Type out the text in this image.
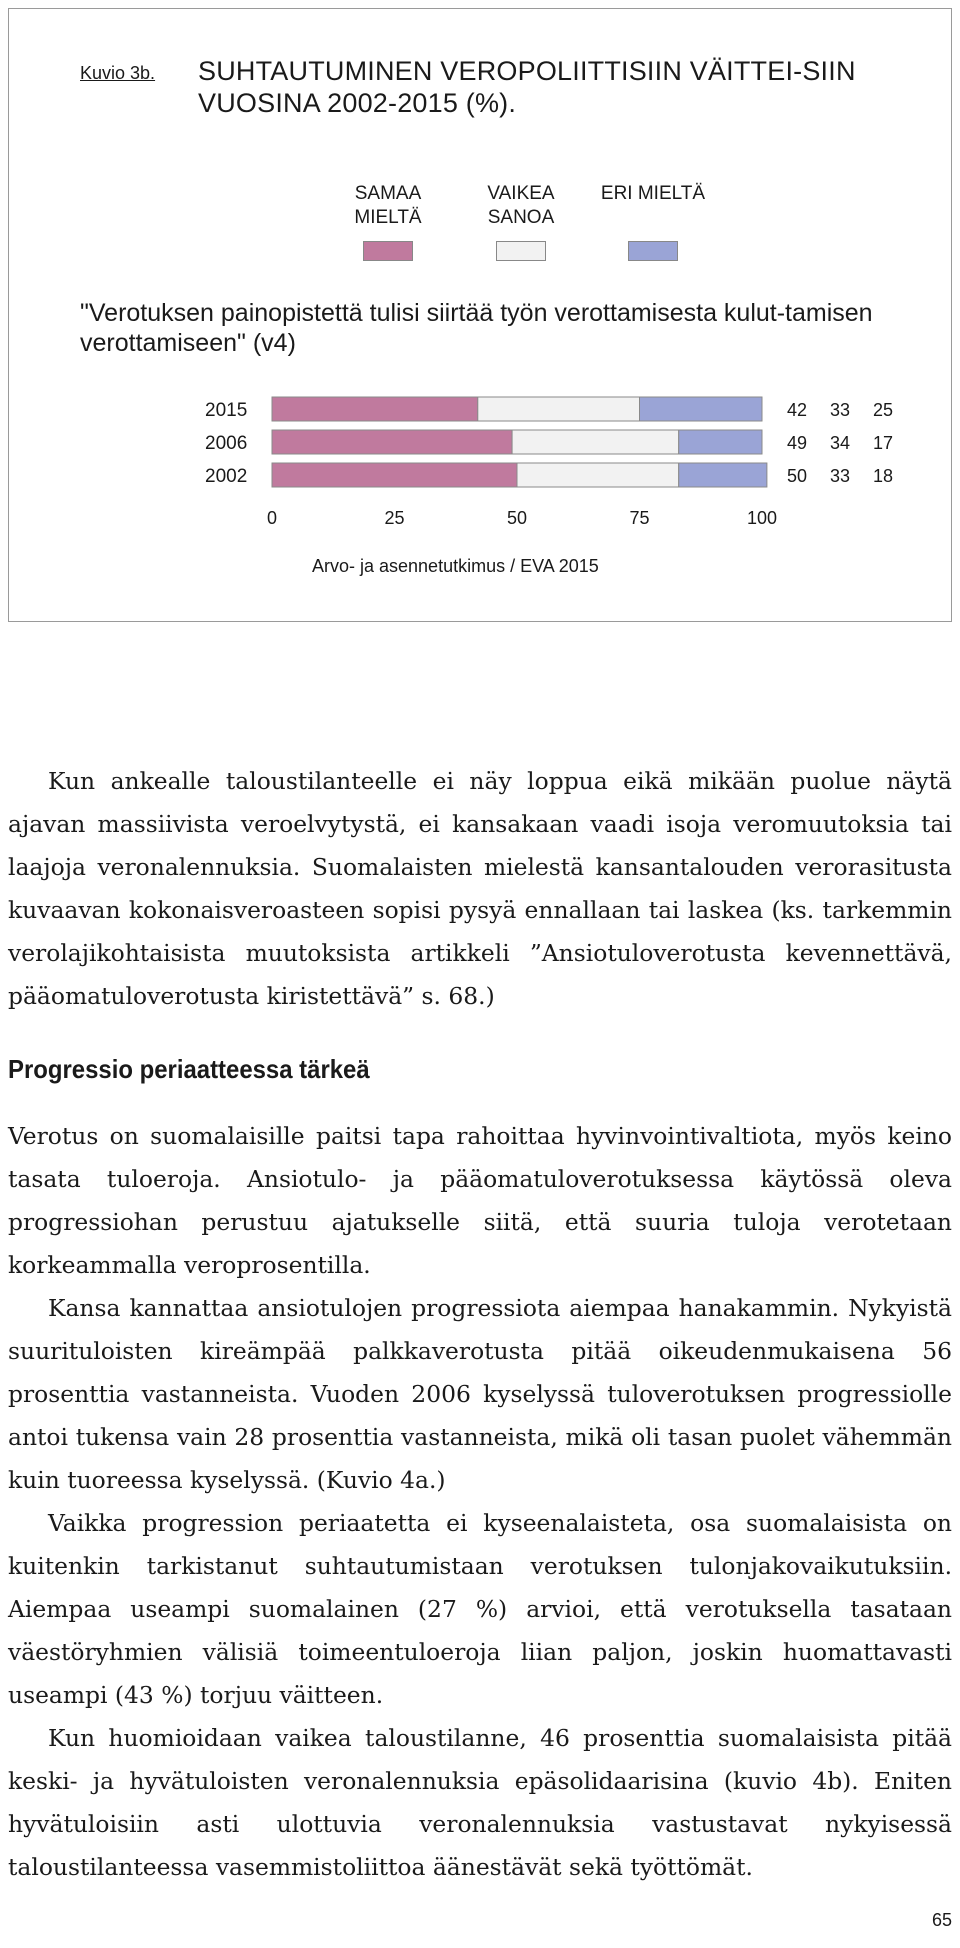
Kuvio 3b. SUHTAUTUMINEN VEROPOLIITTISIIN VÄITTEI-SIIN VUOSINA 2002-2015 (%).
SAMAA MIELTÄ
VAIKEA SANOA
ERI MIELTÄ
"Verotuksen painopistettä tulisi siirtää työn verottamisesta kulut-tamisen verottamiseen" (v4)
2015	42 33 25
2006	49 34 17
2002	50 33 18
0	25	50	75	100
Arvo- ja asennetutkimus / EVA 2015

Kun ankealle taloustilanteelle ei näy loppua eikä mikään puolue näytä ajavan massiivista veroelvytystä, ei kansakaan vaadi isoja veromuutoksia tai laajoja veronalennuksia. Suomalaisten mielestä kansantalouden verorasitusta kuvaavan kokonaisveroasteen sopisi pysyä ennallaan tai laskea (ks. tarkemmin verolajikohtaisista muutoksista artikkeli ”Ansiotuloverotusta kevennettävä, pääomatuloverotusta kiristettävä” s. 68.)

Progressio periaatteessa tärkeä

Verotus on suomalaisille paitsi tapa rahoittaa hyvinvointivaltiota, myös keino tasata tuloeroja. Ansiotulo- ja pääomatuloverotuksessa käytössä oleva progressiohan perustuu ajatukselle siitä, että suuria tuloja verotetaan korkeammalla veroprosentilla.

Kansa kannattaa ansiotulojen progressiota aiempaa hanakammin. Nykyistä suurituloisten kireämpää palkkaverotusta pitää oikeudenmukaisena 56 prosenttia vastanneista. Vuoden 2006 kyselyssä tuloverotuksen progressiolle antoi tukensa vain 28 prosenttia vastanneista, mikä oli tasan puolet vähemmän kuin tuoreessa kyselyssä. (Kuvio 4a.)

Vaikka progression periaatetta ei kyseenalaisteta, osa suomalaisista on kuitenkin tarkistanut suhtautumistaan verotuksen tulonjakovaikutuksiin. Aiempaa useampi suomalainen (27 %) arvioi, että verotuksella tasataan väestöryhmien välisiä toimeentuloeroja liian paljon, joskin huomattavasti useampi (43 %) torjuu väitteen.

Kun huomioidaan vaikea taloustilanne, 46 prosenttia suomalaisista pitää keski- ja hyvätuloisten veronalennuksia epäsolidaarisina (kuvio 4b). Eniten hyvätuloisiin asti ulottuvia veronalennuksia vastustavat nykyisessä taloustilanteessa vasemmistoliittoa äänestävät sekä työttömät.

65
